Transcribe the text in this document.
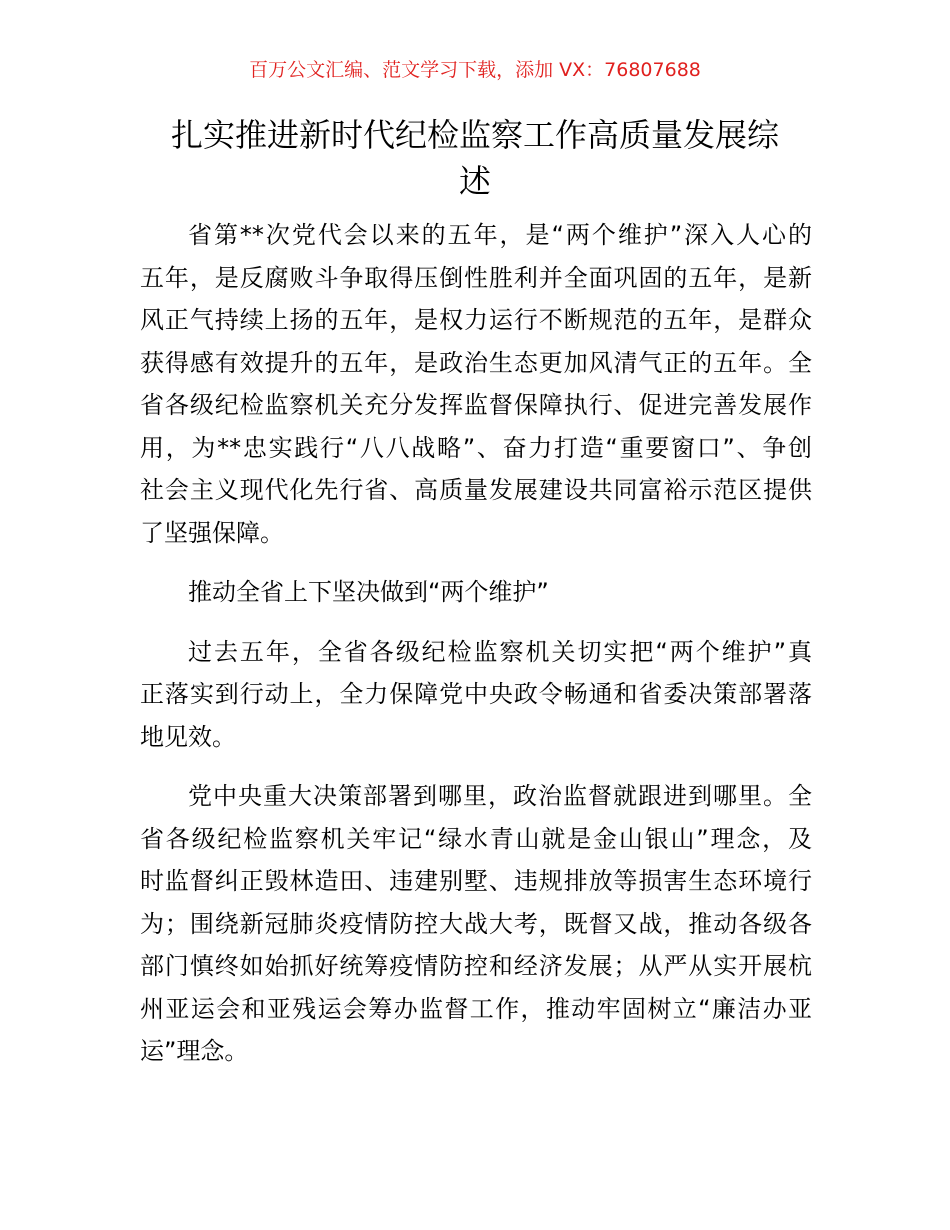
百万公文汇编、范文学习下载，添加 VX：76807688
扎实推进新时代纪检监察工作高质量发展综
述
省第**次党代会以来的五年，是“两个维护”深入人心的
五年，是反腐败斗争取得压倒性胜利并全面巩固的五年，是新
风正气持续上扬的五年，是权力运行不断规范的五年，是群众
获得感有效提升的五年，是政治生态更加风清气正的五年。全
省各级纪检监察机关充分发挥监督保障执行、促进完善发展作
用，为**忠实践行“八八战略”、奋力打造“重要窗口”、争创
社会主义现代化先行省、高质量发展建设共同富裕示范区提供
了坚强保障。
推动全省上下坚决做到“两个维护”
过去五年，全省各级纪检监察机关切实把“两个维护”真
正落实到行动上，全力保障党中央政令畅通和省委决策部署落
地见效。
党中央重大决策部署到哪里，政治监督就跟进到哪里。全
省各级纪检监察机关牢记“绿水青山就是金山银山”理念，及
时监督纠正毁林造田、违建别墅、违规排放等损害生态环境行
为；围绕新冠肺炎疫情防控大战大考，既督又战，推动各级各
部门慎终如始抓好统筹疫情防控和经济发展；从严从实开展杭
州亚运会和亚残运会筹办监督工作，推动牢固树立“廉洁办亚
运”理念。
